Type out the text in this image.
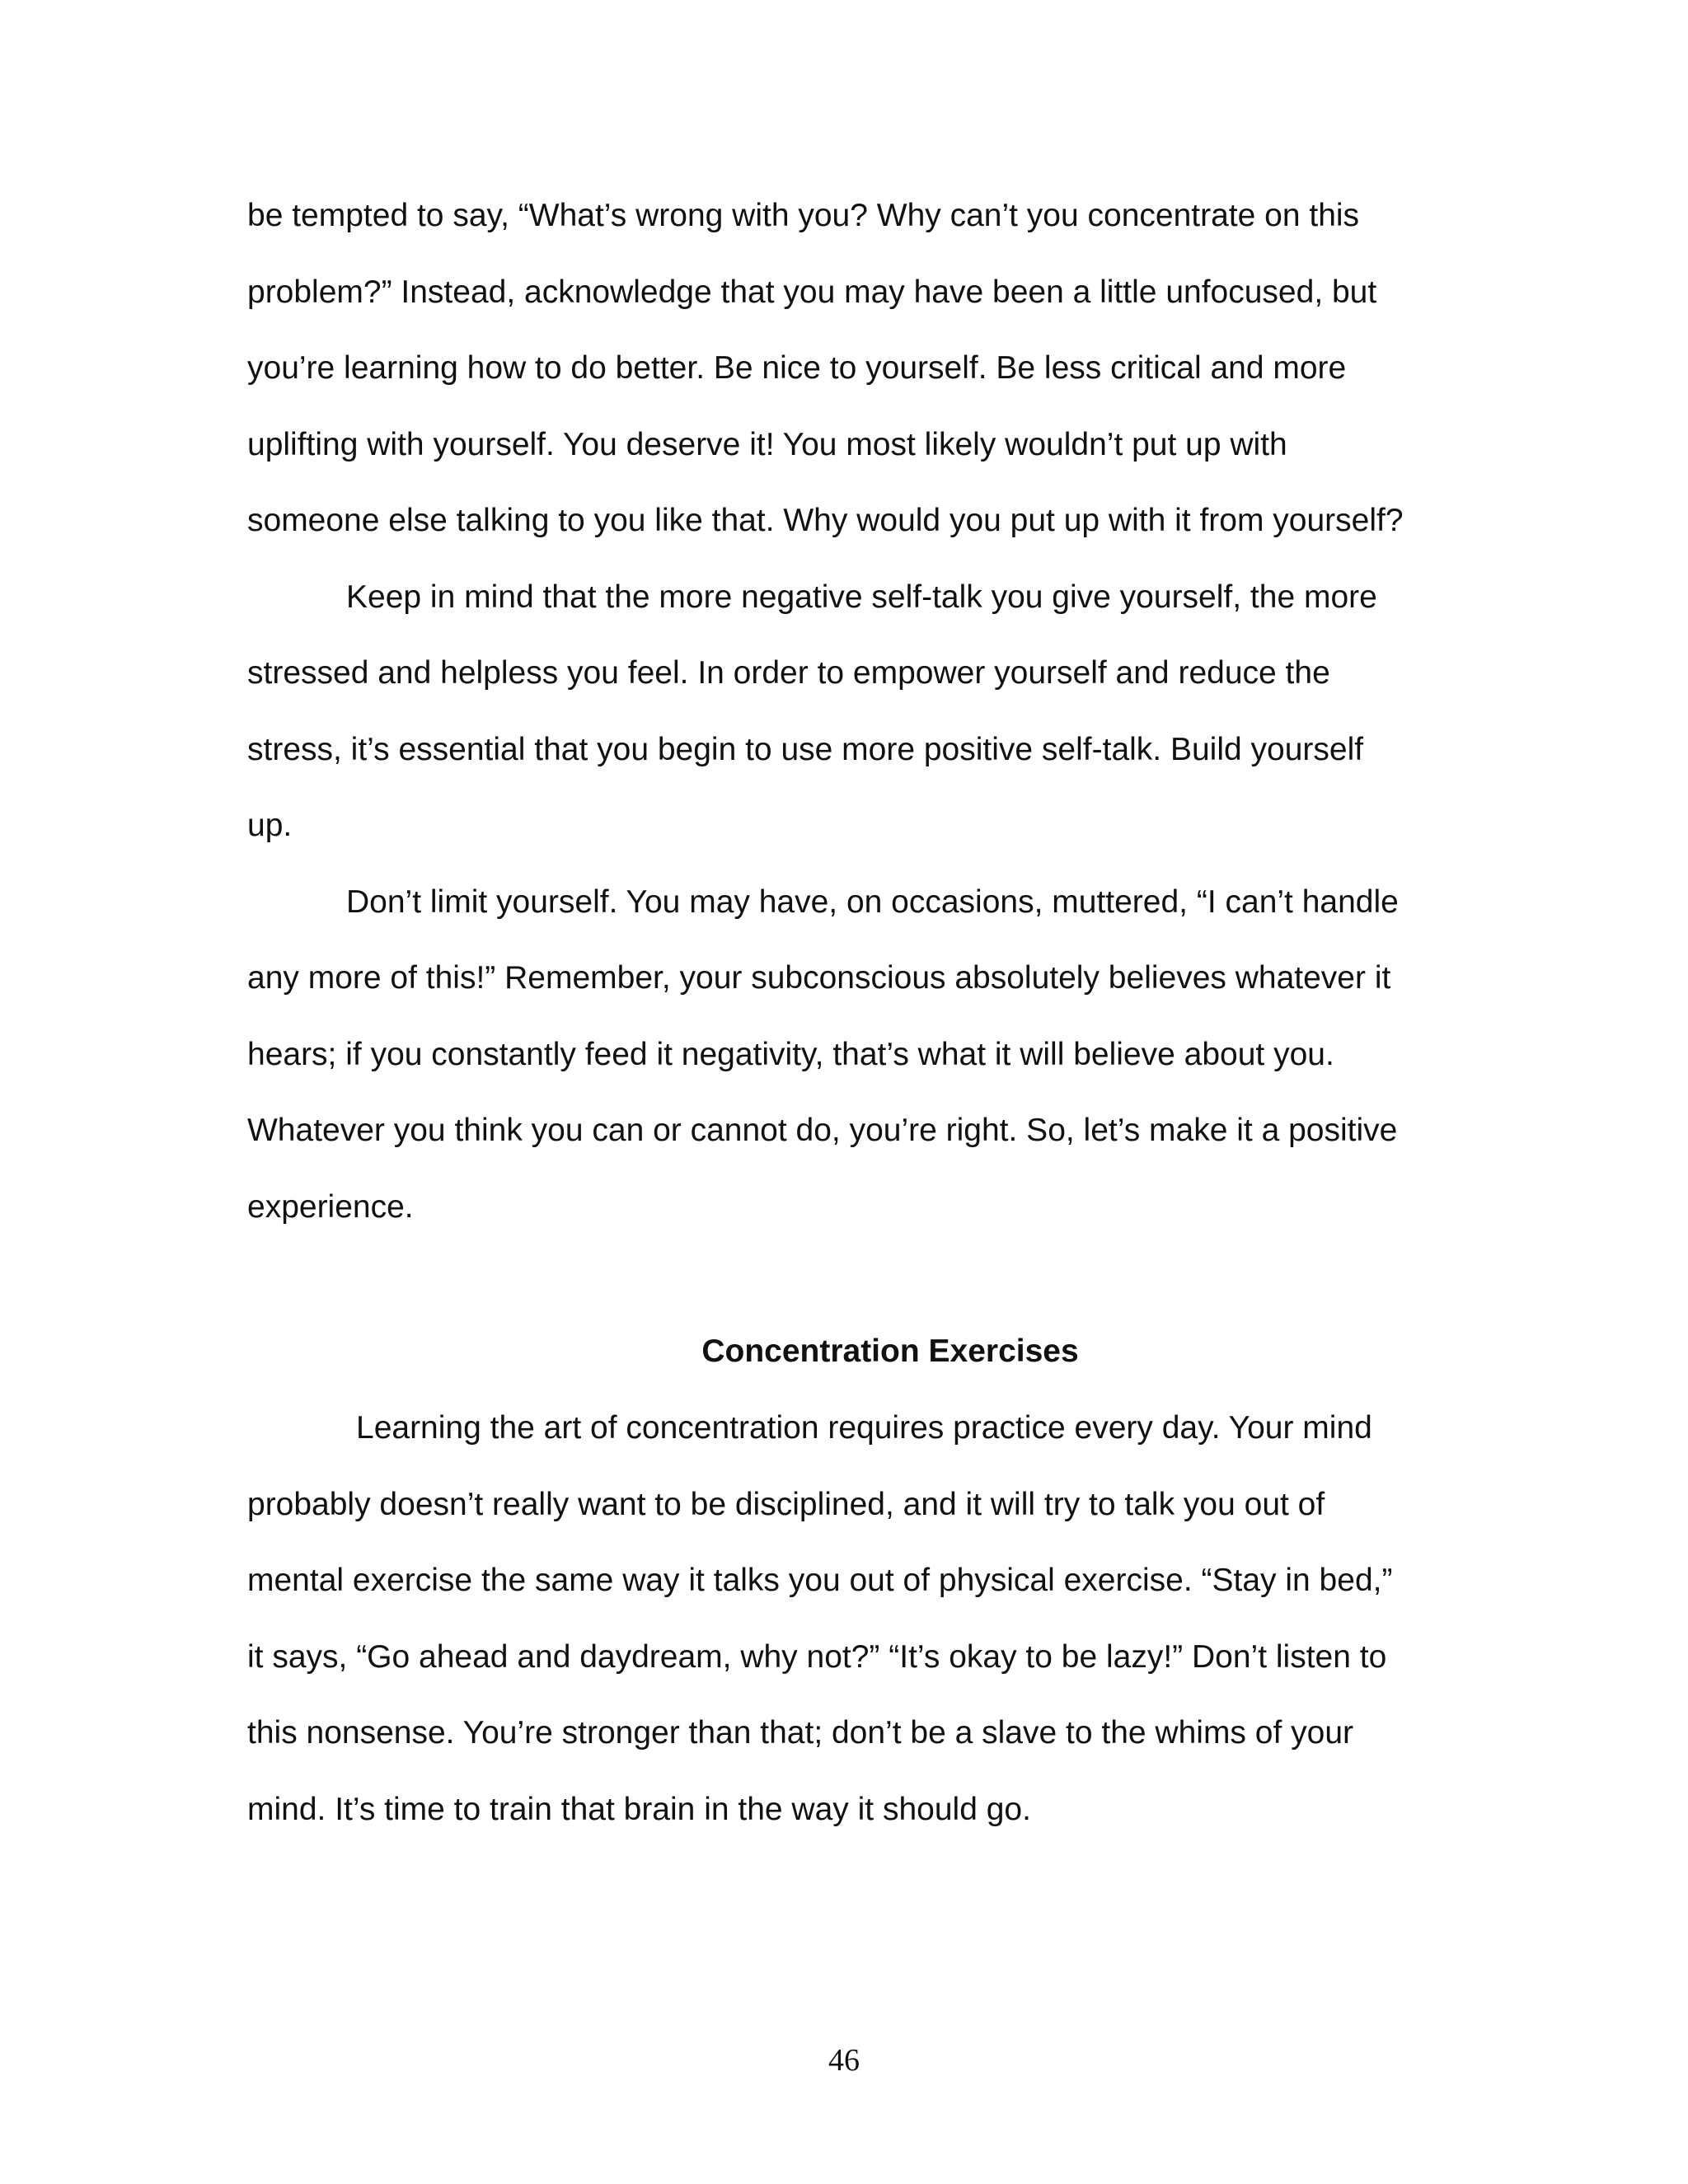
be tempted to say, “What’s wrong with you? Why can’t you concentrate on this
problem?” Instead, acknowledge that you may have been a little unfocused, but
you’re learning how to do better. Be nice to yourself. Be less critical and more
uplifting with yourself. You deserve it! You most likely wouldn’t put up with
someone else talking to you like that. Why would you put up with it from yourself?
Keep in mind that the more negative self-talk you give yourself, the more
stressed and helpless you feel. In order to empower yourself and reduce the
stress, it’s essential that you begin to use more positive self-talk. Build yourself
up.
Don’t limit yourself. You may have, on occasions, muttered, “I can’t handle
any more of this!” Remember, your subconscious absolutely believes whatever it
hears; if you constantly feed it negativity, that’s what it will believe about you.
Whatever you think you can or cannot do, you’re right. So, let’s make it a positive
experience.
Concentration Exercises
Learning the art of concentration requires practice every day. Your mind
probably doesn’t really want to be disciplined, and it will try to talk you out of
mental exercise the same way it talks you out of physical exercise. “Stay in bed,”
it says, “Go ahead and daydream, why not?” “It’s okay to be lazy!” Don’t listen to
this nonsense. You’re stronger than that; don’t be a slave to the whims of your
mind. It’s time to train that brain in the way it should go.
46
